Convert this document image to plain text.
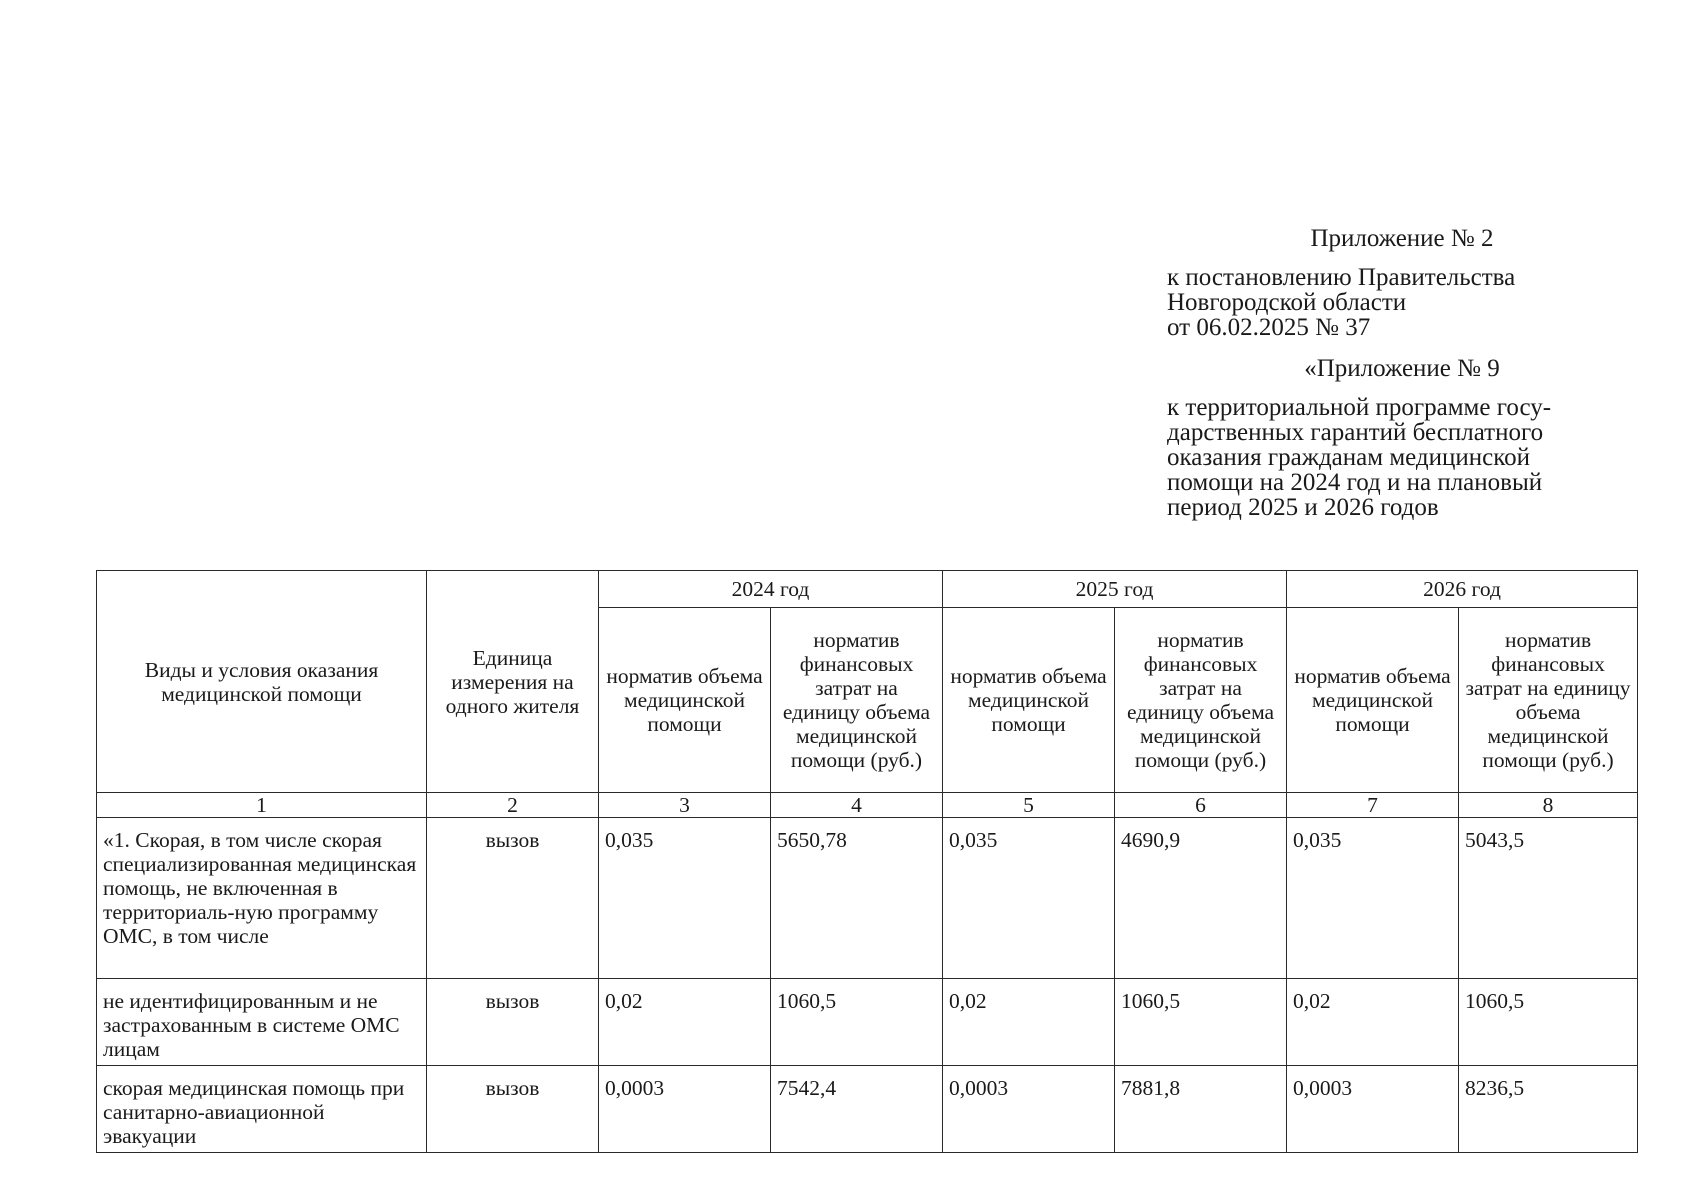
Приложение № 2

к постановлению Правительства
Новгородской области
от 06.02.2025 № 37

«Приложение № 9

к территориальной программе госу-
дарственных гарантий бесплатного
оказания гражданам медицинской
помощи на 2024 год и на плановый
период 2025 и 2026 годов
Виды и условия оказания медицинской помощи	Единица измерения на одного жителя	2024 год		2025 год		2026 год	
		норматив объема медицинской помощи	норматив финансовых затрат на единицу объема медицинской помощи (руб.)	норматив объема медицинской помощи	норматив финансовых затрат на единицу объема медицинской помощи (руб.)	норматив объема медицинской помощи	норматив финансовых затрат на единицу объема медицинской помощи (руб.)
1	2	3	4	5	6	7	8
«1. Скорая, в том числе скорая специализированная медицинская помощь, не включенная в территориаль-ную программу ОМС, в том числе	вызов	0,035	5650,78	0,035	4690,9	0,035	5043,5
не идентифицированным и не застрахованным в системе ОМС лицам	вызов	0,02	1060,5	0,02	1060,5	0,02	1060,5
скорая медицинская помощь при санитарно-авиационной эвакуации	вызов	0,0003	7542,4	0,0003	7881,8	0,0003	8236,5
